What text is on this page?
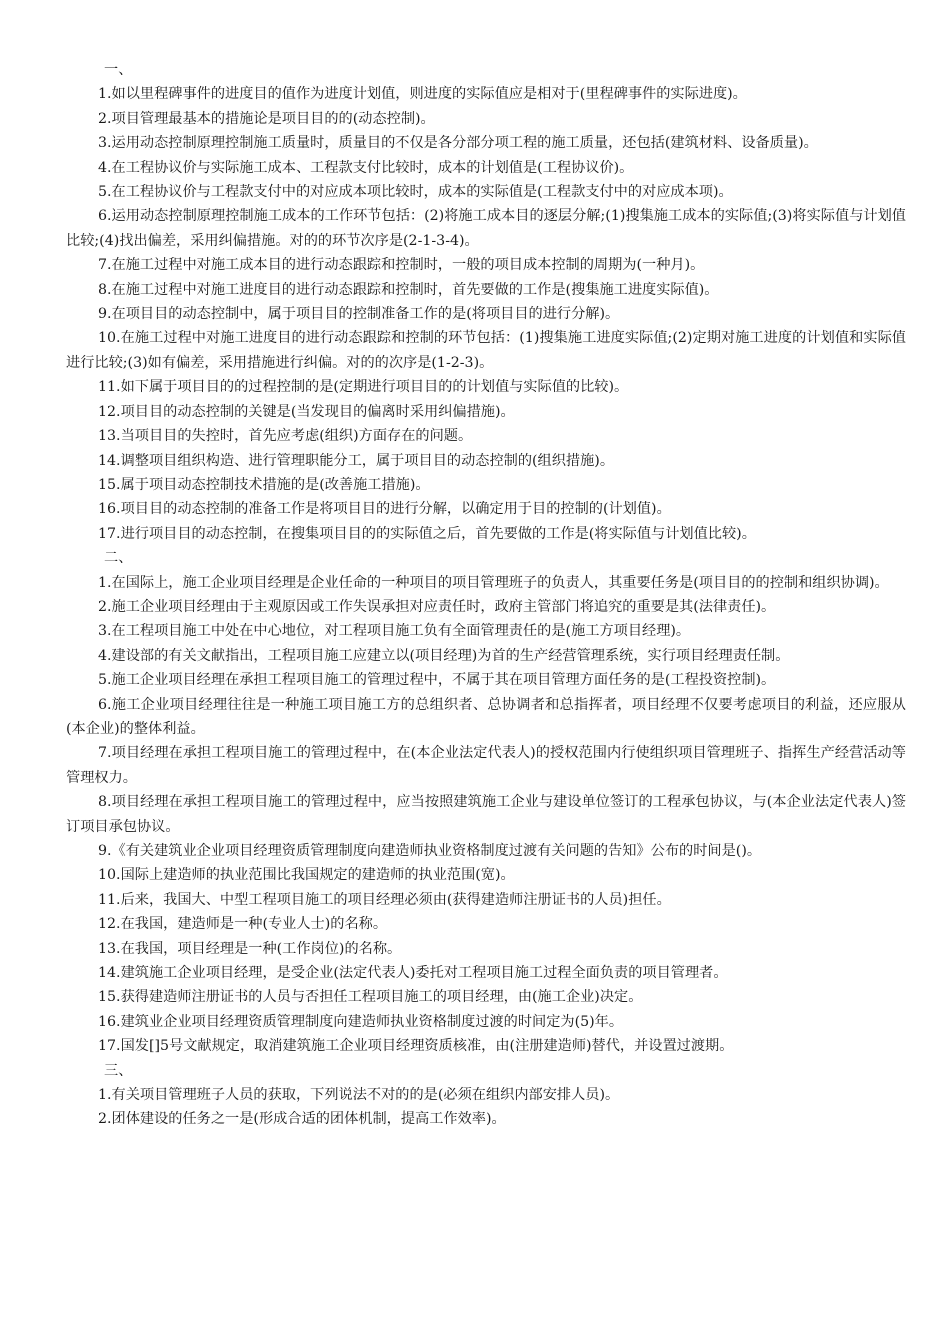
一、

1.如以里程碑事件的进度目的值作为进度计划值，则进度的实际值应是相对于(里程碑事件的实际进度)。

2.项目管理最基本的措施论是项目目的的(动态控制)。

3.运用动态控制原理控制施工质量时，质量目的不仅是各分部分项工程的施工质量，还包括(建筑材料、设备质量)。

4.在工程协议价与实际施工成本、工程款支付比较时，成本的计划值是(工程协议价)。

5.在工程协议价与工程款支付中的对应成本项比较时，成本的实际值是(工程款支付中的对应成本项)。

6.运用动态控制原理控制施工成本的工作环节包括：(2)将施工成本目的逐层分解;(1)搜集施工成本的实际值;(3)将实际值与计划值比较;(4)找出偏差，采用纠偏措施。对的的环节次序是(2-1-3-4)。

7.在施工过程中对施工成本目的进行动态跟踪和控制时，一般的项目成本控制的周期为(一种月)。

8.在施工过程中对施工进度目的进行动态跟踪和控制时，首先要做的工作是(搜集施工进度实际值)。

9.在项目目的动态控制中，属于项目目的控制准备工作的是(将项目目的进行分解)。

10.在施工过程中对施工进度目的进行动态跟踪和控制的环节包括：(1)搜集施工进度实际值;(2)定期对施工进度的计划值和实际值进行比较;(3)如有偏差，采用措施进行纠偏。对的的次序是(1-2-3)。

11.如下属于项目目的的过程控制的是(定期进行项目目的的计划值与实际值的比较)。

12.项目目的动态控制的关键是(当发现目的偏离时采用纠偏措施)。

13.当项目目的失控时，首先应考虑(组织)方面存在的问题。

14.调整项目组织构造、进行管理职能分工，属于项目目的动态控制的(组织措施)。

15.属于项目动态控制技术措施的是(改善施工措施)。

16.项目目的动态控制的准备工作是将项目目的进行分解，以确定用于目的控制的(计划值)。

17.进行项目目的动态控制，在搜集项目目的的实际值之后，首先要做的工作是(将实际值与计划值比较)。

二、

1.在国际上，施工企业项目经理是企业任命的一种项目的项目管理班子的负责人，其重要任务是(项目目的的控制和组织协调)。

2.施工企业项目经理由于主观原因或工作失误承担对应责任时，政府主管部门将追究的重要是其(法律责任)。

3.在工程项目施工中处在中心地位，对工程项目施工负有全面管理责任的是(施工方项目经理)。

4.建设部的有关文献指出，工程项目施工应建立以(项目经理)为首的生产经营管理系统，实行项目经理责任制。

5.施工企业项目经理在承担工程项目施工的管理过程中，不属于其在项目管理方面任务的是(工程投资控制)。

6.施工企业项目经理往往是一种施工项目施工方的总组织者、总协调者和总指挥者，项目经理不仅要考虑项目的利益，还应服从(本企业)的整体利益。

7.项目经理在承担工程项目施工的管理过程中，在(本企业法定代表人)的授权范围内行使组织项目管理班子、指挥生产经营活动等管理权力。

8.项目经理在承担工程项目施工的管理过程中，应当按照建筑施工企业与建设单位签订的工程承包协议，与(本企业法定代表人)签订项目承包协议。

9.《有关建筑业企业项目经理资质管理制度向建造师执业资格制度过渡有关问题的告知》公布的时间是()。

10.国际上建造师的执业范围比我国规定的建造师的执业范围(宽)。

11.后来，我国大、中型工程项目施工的项目经理必须由(获得建造师注册证书的人员)担任。

12.在我国，建造师是一种(专业人士)的名称。

13.在我国，项目经理是一种(工作岗位)的名称。

14.建筑施工企业项目经理，是受企业(法定代表人)委托对工程项目施工过程全面负责的项目管理者。

15.获得建造师注册证书的人员与否担任工程项目施工的项目经理，由(施工企业)决定。

16.建筑业企业项目经理资质管理制度向建造师执业资格制度过渡的时间定为(5)年。

17.国发[]5号文献规定，取消建筑施工企业项目经理资质核准，由(注册建造师)替代，并设置过渡期。

三、

1.有关项目管理班子人员的获取，下列说法不对的的是(必须在组织内部安排人员)。

2.团体建设的任务之一是(形成合适的团体机制，提高工作效率)。
